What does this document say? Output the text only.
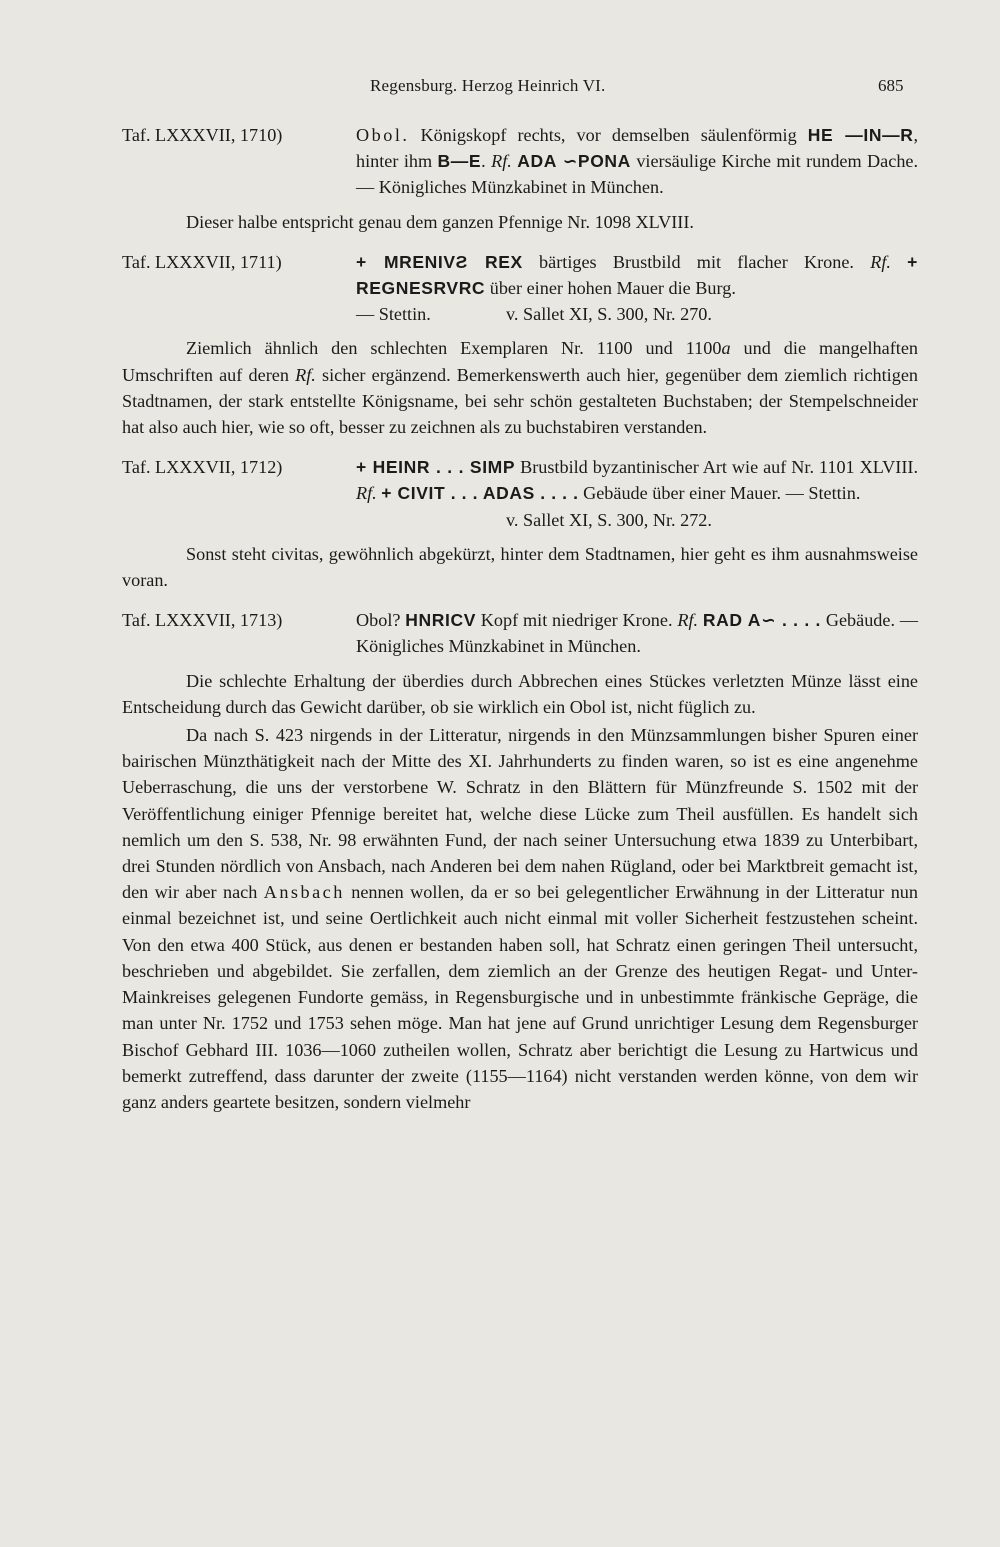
Regensburg. Herzog Heinrich VI.	685
Taf. LXXXVII, 1710)	Obol. Königskopf rechts, vor demselben säulenförmig HE —IN—R, hinter ihm B—E. Rf. ADA ∽PONA viersäulige Kirche mit rundem Dache. — Königliches Münzkabinet in München.

Dieser halbe entspricht genau dem ganzen Pfennige Nr. 1098 XLVIII.

Taf. LXXXVII, 1711)	+ MRENIVƧ REX bärtiges Brustbild mit flacher Krone. Rf. + REGNESRVRC über einer hohen Mauer die Burg.
— Stettin.	v. Sallet XI, S. 300, Nr. 270.

Ziemlich ähnlich den schlechten Exemplaren Nr. 1100 und 1100a und die mangelhaften Umschriften auf deren Rf. sicher ergänzend. Bemerkenswerth auch hier, gegenüber dem ziemlich richtigen Stadtnamen, der stark entstellte Königsname, bei sehr schön gestalteten Buchstaben; der Stempelschneider hat also auch hier, wie so oft, besser zu zeichnen als zu buchstabiren verstanden.

Taf. LXXXVII, 1712)	+ HEINR . . . SIMP Brustbild byzantinischer Art wie auf Nr. 1101 XLVIII. Rf. + CIVIT . . . ADAS . . . . Gebäude über einer Mauer. — Stettin.
v. Sallet XI, S. 300, Nr. 272.

Sonst steht civitas, gewöhnlich abgekürzt, hinter dem Stadtnamen, hier geht es ihm ausnahmsweise voran.

Taf. LXXXVII, 1713)	Obol? HNRICV Kopf mit niedriger Krone. Rf. RAD A∽ . . . . Gebäude. — Königliches Münzkabinet in München.

Die schlechte Erhaltung der überdies durch Abbrechen eines Stückes verletzten Münze lässt eine Entscheidung durch das Gewicht darüber, ob sie wirklich ein Obol ist, nicht füglich zu.

Da nach S. 423 nirgends in der Litteratur, nirgends in den Münzsammlungen bisher Spuren einer bairischen Münzthätigkeit nach der Mitte des XI. Jahrhunderts zu finden waren, so ist es eine angenehme Ueberraschung, die uns der verstorbene W. Schratz in den Blättern für Münzfreunde S. 1502 mit der Veröffentlichung einiger Pfennige bereitet hat, welche diese Lücke zum Theil ausfüllen. Es handelt sich nemlich um den S. 538, Nr. 98 erwähnten Fund, der nach seiner Untersuchung etwa 1839 zu Unterbibart, drei Stunden nördlich von Ansbach, nach Anderen bei dem nahen Rügland, oder bei Marktbreit gemacht ist, den wir aber nach Ansbach nennen wollen, da er so bei gelegentlicher Erwähnung in der Litteratur nun einmal bezeichnet ist, und seine Oertlichkeit auch nicht einmal mit voller Sicherheit festzustehen scheint. Von den etwa 400 Stück, aus denen er bestanden haben soll, hat Schratz einen geringen Theil untersucht, beschrieben und abgebildet. Sie zerfallen, dem ziemlich an der Grenze des heutigen Regat- und Unter-Mainkreises gelegenen Fundorte gemäss, in Regensburgische und in unbestimmte fränkische Gepräge, die man unter Nr. 1752 und 1753 sehen möge. Man hat jene auf Grund unrichtiger Lesung dem Regensburger Bischof Gebhard III. 1036—1060 zutheilen wollen, Schratz aber berichtigt die Lesung zu Hartwicus und bemerkt zutreffend, dass darunter der zweite (1155—1164) nicht verstanden werden könne, von dem wir ganz anders geartete besitzen, sondern vielmehr
